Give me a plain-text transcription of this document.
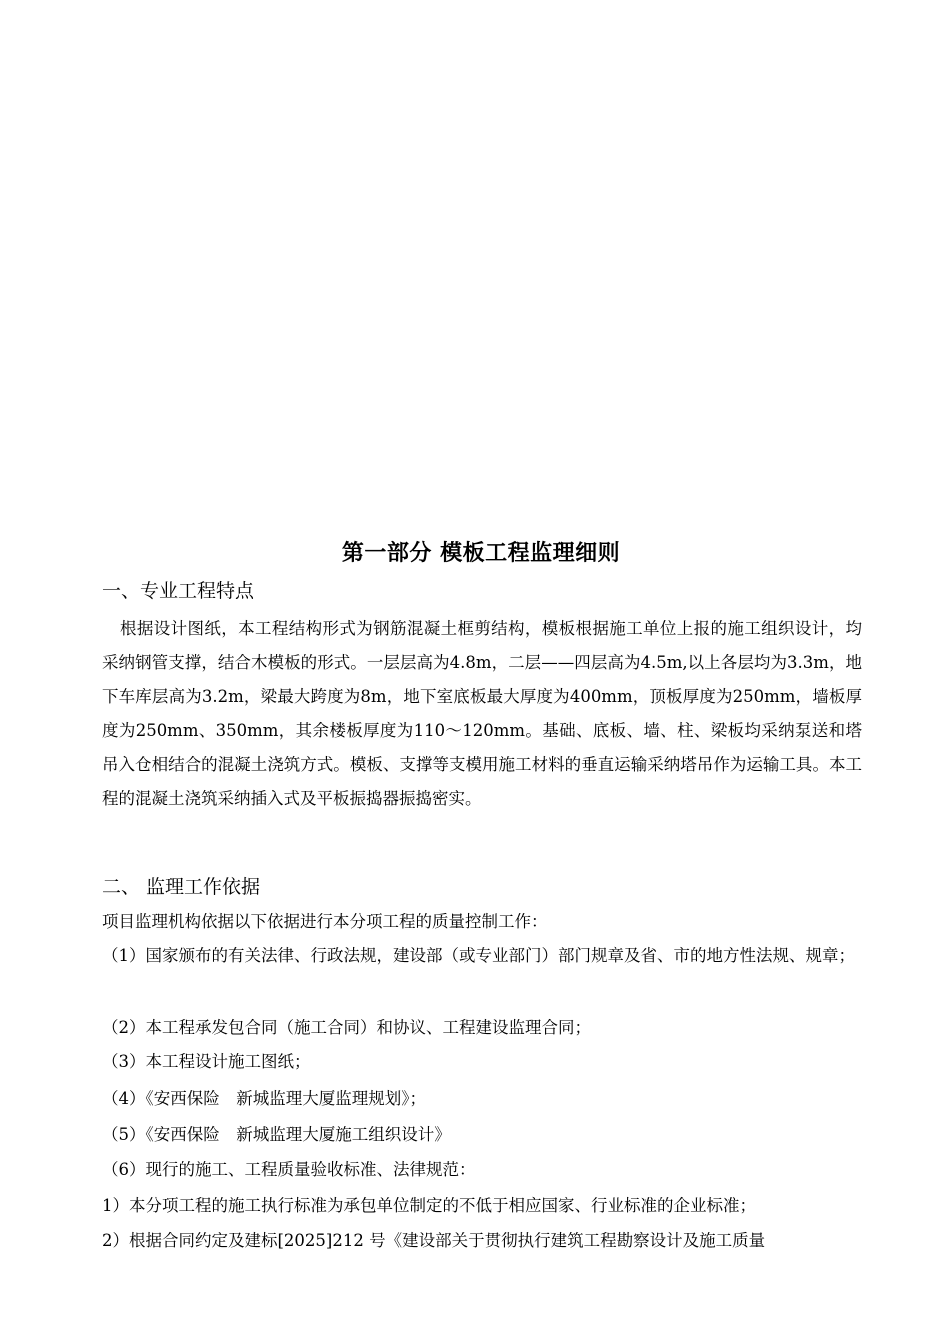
第一部分 模板工程监理细则
一、专业工程特点
根据设计图纸，本工程结构形式为钢筋混凝土框剪结构，模板根据施工单位上报的施工组织设计，均采纳钢管支撑，结合木模板的形式。一层层高为4.8m，二层——四层高为4.5m,以上各层均为3.3m，地下车库层高为3.2m，梁最大跨度为8m，地下室底板最大厚度为400mm，顶板厚度为250mm，墙板厚度为250mm、350mm，其余楼板厚度为110～120mm。基础、底板、墙、柱、梁板均采纳泵送和塔吊入仓相结合的混凝土浇筑方式。模板、支撑等支模用施工材料的垂直运输采纳塔吊作为运输工具。本工程的混凝土浇筑采纳插入式及平板振捣器振捣密实。
二、 监理工作依据
项目监理机构依据以下依据进行本分项工程的质量控制工作：
（1）国家颁布的有关法律、行政法规，建设部（或专业部门）部门规章及省、市的地方性法规、规章；
（2）本工程承发包合同（施工合同）和协议、工程建设监理合同；
（3）本工程设计施工图纸；
（4）《安西保险　新城监理大厦监理规划》；
（5）《安西保险　新城监理大厦施工组织设计》
（6）现行的施工、工程质量验收标准、法律规范：
1）本分项工程的施工执行标准为承包单位制定的不低于相应国家、行业标准的企业标准；
2）根据合同约定及建标[2025]212 号《建设部关于贯彻执行建筑工程勘察设计及施工质量
